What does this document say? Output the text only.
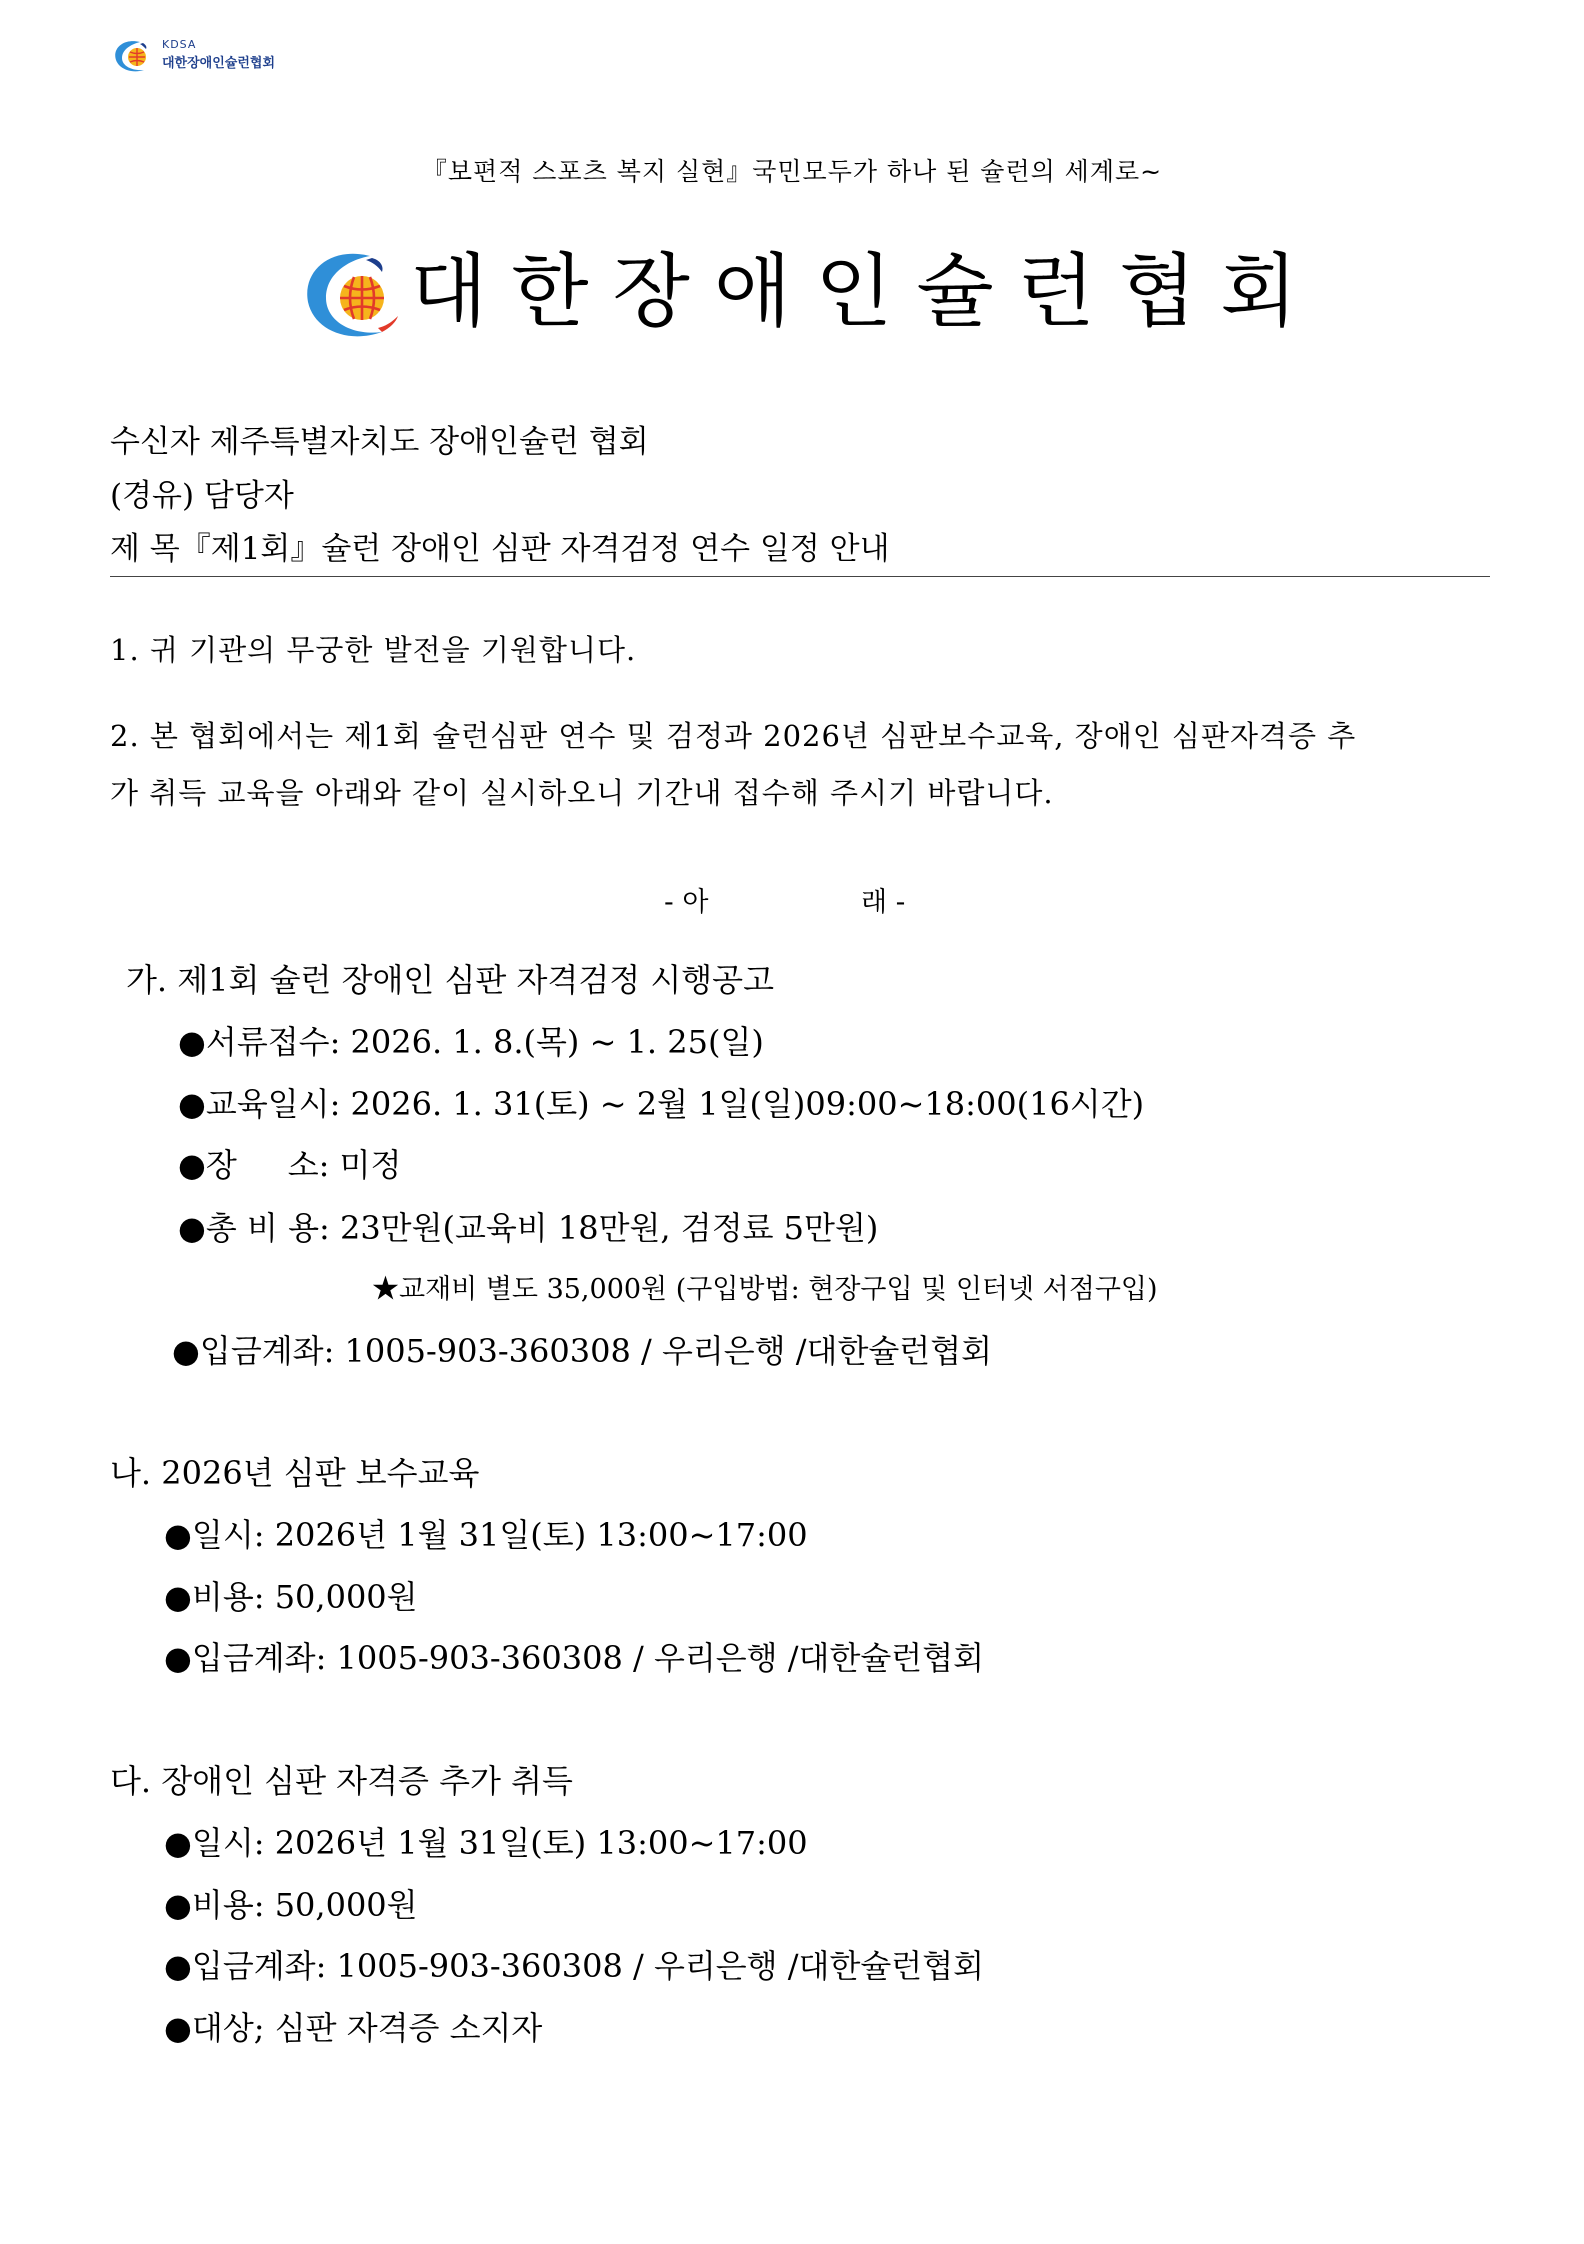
KDSA
대한장애인슐런협회
『보편적 스포츠 복지 실현』국민모두가 하나 된 슐런의 세계로~
대한장애인슐런협회
수신자 제주특별자치도 장애인슐런 협회
(경유) 담당자
제 목『제1회』슐런 장애인 심판 자격검정 연수 일정 안내
1. 귀 기관의 무궁한 발전을 기원합니다.
2. 본 협회에서는 제1회 슐런심판 연수 및 검정과 2026년 심판보수교육, 장애인 심판자격증 추
가 취득 교육을 아래와 같이 실시하오니 기간내 접수해 주시기 바랍니다.
- 아	래 -
가. 제1회 슐런 장애인 심판 자격검정 시행공고
●서류접수: 2026. 1. 8.(목) ~ 1. 25(일)
●교육일시: 2026. 1. 31(토) ~ 2월 1일(일)09:00~18:00(16시간)
●장     소: 미정
●총 비 용: 23만원(교육비 18만원, 검정료 5만원)
★교재비 별도 35,000원 (구입방법: 현장구입 및 인터넷 서점구입)
●입금계좌: 1005-903-360308 / 우리은행 /대한슐런협회
나. 2026년 심판 보수교육
●일시: 2026년 1월 31일(토) 13:00~17:00
●비용: 50,000원
●입금계좌: 1005-903-360308 / 우리은행 /대한슐런협회
다. 장애인 심판 자격증 추가 취득
●일시: 2026년 1월 31일(토) 13:00~17:00
●비용: 50,000원
●입금계좌: 1005-903-360308 / 우리은행 /대한슐런협회
●대상; 심판 자격증 소지자
